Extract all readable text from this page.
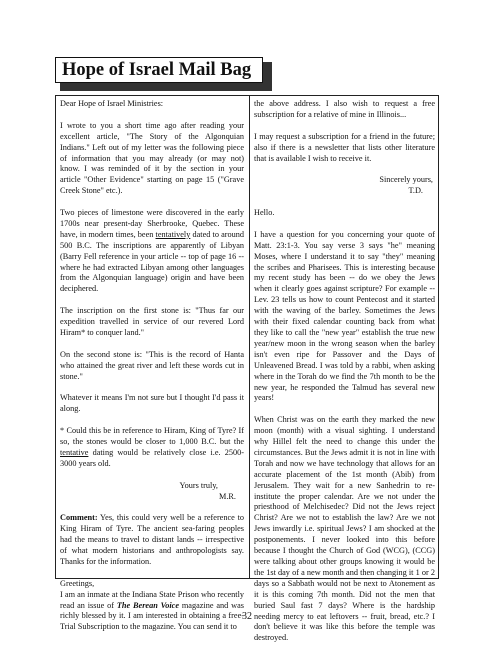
Hope of Israel Mail Bag

Dear Hope of Israel Ministries:

I wrote to you a short time ago after reading your excellent article, "The Story of the Algonquian Indians." Left out of my letter was the following piece of information that you may already (or may not) know. I was reminded of it by the section in your article "Other Evidence" starting on page 15 ("Grave Creek Stone" etc.).

Two pieces of limestone were discovered in the early 1700s near present-day Sherbrooke, Quebec. These have, in modern times, been tentatively dated to around 500 B.C. The inscriptions are apparently of Libyan (Barry Fell reference in your article -- top of page 16 -- where he had extracted Libyan among other languages from the Algonquian language) origin and have been deciphered.

The inscription on the first stone is: "Thus far our expedition travelled in service of our revered Lord Hiram* to conquer land."

On the second stone is: "This is the record of Hanta who attained the great river and left these words cut in stone."

Whatever it means I'm not sure but I thought I'd pass it along.

* Could this be in reference to Hiram, King of Tyre? If so, the stones would be closer to 1,000 B.C. but the tentative dating would be relatively close i.e. 2500-3000 years old.

Yours truly,
M.R.

Comment: Yes, this could very well be a reference to King Hiram of Tyre. The ancient sea-faring peoples had the means to travel to distant lands -- irrespective of what modern historians and anthropologists say. Thanks for the information.

Greetings,

I am an inmate at the Indiana State Prison who recently read an issue of The Berean Voice magazine and was richly blessed by it. I am interested in obtaining a free-Trial Subscription to the magazine. You can send it to

the above address. I also wish to request a free subscription for a relative of mine in Illinois...

I may request a subscription for a friend in the future; also if there is a newsletter that lists other literature that is available I wish to receive it.

Sincerely yours,
T.D.

Hello.

I have a question for you concerning your quote of Matt. 23:1-3. You say verse 3 says "he" meaning Moses, where I understand it to say "they" meaning the scribes and Pharisees. This is interesting because my recent study has been -- do we obey the Jews when it clearly goes against scripture? For example -- Lev. 23 tells us how to count Pentecost and it started with the waving of the barley. Sometimes the Jews with their fixed calendar counting back from what they like to call the "new year" establish the true new year/new moon in the wrong season when the barley isn't even ripe for Passover and the Days of Unleavened Bread. I was told by a rabbi, when asking where in the Torah do we find the 7th month to be the new year, he responded the Talmud has several new years!

When Christ was on the earth they marked the new moon (month) with a visual sighting. I understand why Hillel felt the need to change this under the circumstances. But the Jews admit it is not in line with Torah and now we have technology that allows for an accurate placement of the 1st month (Abib) from Jerusalem. They wait for a new Sanhedrin to re-institute the proper calendar. Are we not under the priesthood of Melchisedec? Did not the Jews reject Christ? Are we not to establish the law? Are we not Jews inwardly i.e. spiritual Jews? I am shocked at the postponements. I never looked into this before because I thought the Church of God (WCG), (CCG) were talking about other groups knowing it would be the 1st day of a new month and then changing it 1 or 2 days so a Sabbath would not be next to Atonement as it is this coming 7th month. Did not the men that buried Saul fast 7 days? Where is the hardship needing mercy to eat leftovers -- fruit, bread, etc.? I don't believe it was like this before the temple was destroyed.

32
